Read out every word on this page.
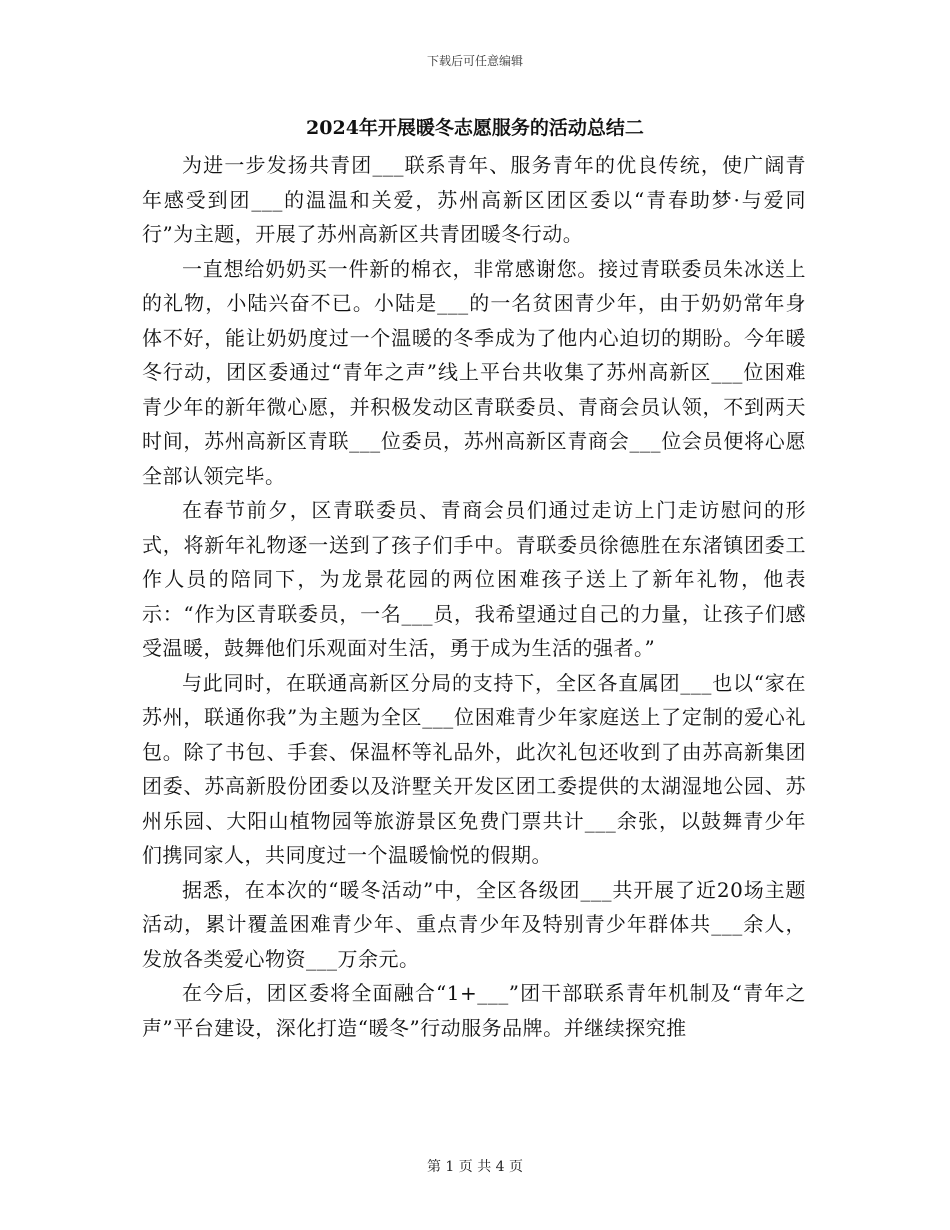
下载后可任意编辑
2024年开展暖冬志愿服务的活动总结二

为进一步发扬共青团___联系青年、服务青年的优良传统，使广阔青年感受到团___的温温和关爱，苏州高新区团区委以“青春助梦·与爱同行”为主题，开展了苏州高新区共青团暖冬行动。

一直想给奶奶买一件新的棉衣，非常感谢您。接过青联委员朱冰送上的礼物，小陆兴奋不已。小陆是___的一名贫困青少年，由于奶奶常年身体不好，能让奶奶度过一个温暖的冬季成为了他内心迫切的期盼。今年暖冬行动，团区委通过“青年之声”线上平台共收集了苏州高新区___位困难青少年的新年微心愿，并积极发动区青联委员、青商会员认领，不到两天时间，苏州高新区青联___位委员，苏州高新区青商会___位会员便将心愿全部认领完毕。

在春节前夕，区青联委员、青商会员们通过走访上门走访慰问的形式，将新年礼物逐一送到了孩子们手中。青联委员徐德胜在东渚镇团委工作人员的陪同下，为龙景花园的两位困难孩子送上了新年礼物，他表示：“作为区青联委员，一名___员，我希望通过自己的力量，让孩子们感受温暖，鼓舞他们乐观面对生活，勇于成为生活的强者。”

与此同时，在联通高新区分局的支持下，全区各直属团___也以“家在苏州，联通你我”为主题为全区___位困难青少年家庭送上了定制的爱心礼包。除了书包、手套、保温杯等礼品外，此次礼包还收到了由苏高新集团团委、苏高新股份团委以及浒墅关开发区团工委提供的太湖湿地公园、苏州乐园、大阳山植物园等旅游景区免费门票共计___余张，以鼓舞青少年们携同家人，共同度过一个温暖愉悦的假期。

据悉，在本次的“暖冬活动”中，全区各级团___共开展了近20场主题活动，累计覆盖困难青少年、重点青少年及特别青少年群体共___余人，发放各类爱心物资___万余元。

在今后，团区委将全面融合“1+___”团干部联系青年机制及“青年之声”平台建设，深化打造“暖冬”行动服务品牌。并继续探究推

第 1 页 共 4 页
